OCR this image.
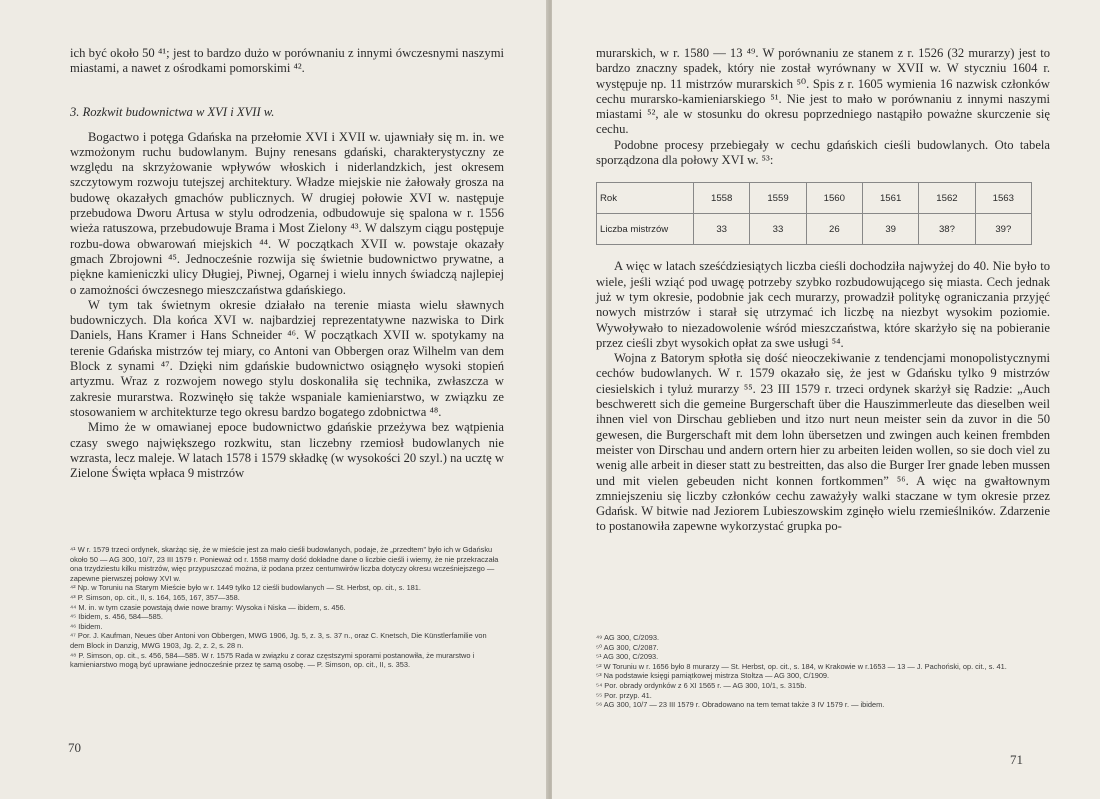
ich być około 50 ⁴¹; jest to bardzo dużo w porównaniu z innymi ówczesnymi naszymi miastami, a nawet z ośrodkami pomorskimi ⁴².

3. Rozkwit budownictwa w XVI i XVII w.

Bogactwo i potęga Gdańska na przełomie XVI i XVII w. ujawniały się m. in. we wzmożonym ruchu budowlanym. Bujny renesans gdański, charakterystyczny ze względu na skrzyżowanie wpływów włoskich i niderlandzkich, jest okresem szczytowym rozwoju tutejszej architektury. Władze miejskie nie żałowały grosza na budowę okazałych gmachów publicznych. W drugiej połowie XVI w. następuje przebudowa Dworu Artusa w stylu odrodzenia, odbudowuje się spalona w r. 1556 wieża ratuszowa, przebudowuje Brama i Most Zielony ⁴³. W dalszym ciągu postępuje rozbu-dowa obwarowań miejskich ⁴⁴. W początkach XVII w. powstaje okazały gmach Zbrojowni ⁴⁵. Jednocześnie rozwija się świetnie budownictwo prywatne, a piękne kamieniczki ulicy Długiej, Piwnej, Ogarnej i wielu innych świadczą najlepiej o zamożności ówczesnego mieszczaństwa gdańskiego.

W tym tak świetnym okresie działało na terenie miasta wielu sławnych budowniczych. Dla końca XVI w. najbardziej reprezentatywne nazwiska to Dirk Daniels, Hans Kramer i Hans Schneider ⁴⁶. W początkach XVII w. spotykamy na terenie Gdańska mistrzów tej miary, co Antoni van Obbergen oraz Wilhelm van dem Block z synami ⁴⁷. Dzięki nim gdańskie budownictwo osiągnęło wysoki stopień artyzmu. Wraz z rozwojem nowego stylu doskonaliła się technika, zwłaszcza w zakresie murarstwa. Rozwinęło się także wspaniale kamieniarstwo, w związku ze stosowaniem w architekturze tego okresu bardzo bogatego zdobnictwa ⁴⁸.

Mimo że w omawianej epoce budownictwo gdańskie przeżywa bez wątpienia czasy swego największego rozkwitu, stan liczebny rzemiosł budowlanych nie wzrasta, lecz maleje. W latach 1578 i 1579 składkę (w wysokości 20 szyl.) na ucztę w Zielone Święta wpłaca 9 mistrzów

⁴¹ W r. 1579 trzeci ordynek, skarżąc się, że w mieście jest za mało cieśli budowlanych, podaje, że „przedtem” było ich w Gdańsku około 50 — AG 300, 10/7, 23 III 1579 r. Ponieważ od r. 1558 mamy dość dokładne dane o liczbie cieśli i wiemy, że nie przekraczała ona trzydziestu kilku mistrzów, więc przypuszczać można, iż podana przez centumwirów liczba dotyczy okresu wcześniejszego — zapewne pierwszej połowy XVI w.
⁴² Np. w Toruniu na Starym Mieście było w r. 1449 tylko 12 cieśli budowlanych — St. Herbst, op. cit., s. 181.
⁴³ P. Simson, op. cit., II, s. 164, 165, 167, 357—358.
⁴⁴ M. in. w tym czasie powstają dwie nowe bramy: Wysoka i Niska — ibidem, s. 456.
⁴⁵ Ibidem, s. 456, 584—585.
⁴⁶ Ibidem.
⁴⁷ Por. J. Kaufman, Neues über Antoni von Obbergen, MWG 1906, Jg. 5, z. 3, s. 37 n., oraz C. Knetsch, Die Künstlerfamilie von dem Block in Danzig, MWG 1903, Jg. 2, z. 2, s. 28 n.
⁴⁸ P. Simson, op. cit., s. 456, 584—585. W r. 1575 Rada w związku z coraz częstszymi sporami postanowiła, że murarstwo i kamieniarstwo mogą być uprawiane jednocześnie przez tę samą osobę. — P. Simson, op. cit., II, s. 353.
70

murarskich, w r. 1580 — 13 ⁴⁹. W porównaniu ze stanem z r. 1526 (32 murarzy) jest to bardzo znaczny spadek, który nie został wyrównany w XVII w. W styczniu 1604 r. występuje np. 11 mistrzów murarskich ⁵⁰. Spis z r. 1605 wymienia 16 nazwisk członków cechu murarsko-kamieniarskiego ⁵¹. Nie jest to mało w porównaniu z innymi naszymi miastami ⁵², ale w stosunku do okresu poprzedniego nastąpiło poważne skurczenie się cechu.

Podobne procesy przebiegały w cechu gdańskich cieśli budowlanych. Oto tabela sporządzona dla połowy XVI w. ⁵³:

Rok	1558	1559	1560	1561	1562	1563
Liczba mistrzów	33	33	26	39	38?	39?

A więc w latach sześćdziesiątych liczba cieśli dochodziła najwyżej do 40. Nie było to wiele, jeśli wziąć pod uwagę potrzeby szybko rozbudowującego się miasta. Cech jednak już w tym okresie, podobnie jak cech murarzy, prowadził politykę ograniczania przyjęć nowych mistrzów i starał się utrzymać ich liczbę na niezbyt wysokim poziomie. Wywoływało to niezadowolenie wśród mieszczaństwa, które skarżyło się na pobieranie przez cieśli zbyt wysokich opłat za swe usługi ⁵⁴.

Wojna z Batorym spłotła się dość nieoczekiwanie z tendencjami monopolistycznymi cechów budowlanych. W r. 1579 okazało się, że jest w Gdańsku tylko 9 mistrzów ciesielskich i tyluż murarzy ⁵⁵. 23 III 1579 r. trzeci ordynek skarżył się Radzie: „Auch beschwerett sich die gemeine Burgerschaft über die Hauszimmerleute das dieselben weil ihnen viel von Dirschau geblieben und itzo nurt neun meister sein da zuvor in die 50 gewesen, die Burgerschaft mit dem lohn übersetzen und zwingen auch keinen frembden meister von Dirschau und andern ortern hier zu arbeiten leiden wollen, so sie doch viel zu wenig alle arbeit in dieser statt zu bestreitten, das also die Burger Irer gnade leben mussen und mit vielen gebeuden nicht konnen fortkommen” ⁵⁶. A więc na gwałtownym zmniejszeniu się liczby członków cechu zaważyły walki staczane w tym okresie przez Gdańsk. W bitwie nad Jeziorem Lubieszowskim zginęło wielu rzemieślników. Zdarzenie to postanowiła zapewne wykorzystać grupka po-

⁴⁹ AG 300, C/2093.
⁵⁰ AG 300, C/2087.
⁵¹ AG 300, C/2093.
⁵² W Toruniu w r. 1656 było 8 murarzy — St. Herbst, op. cit., s. 184, w Krakowie w r.1653 — 13 — J. Pachoński, op. cit., s. 41.
⁵³ Na podstawie księgi pamiątkowej mistrza Stoltza — AG 300, C/1909.
⁵⁴ Por. obrady ordynków z 6 XI 1565 r. — AG 300, 10/1, s. 315b.
⁵⁵ Por. przyp. 41.
⁵⁶ AG 300, 10/7 — 23 III 1579 r. Obradowano na tem temat także 3 IV 1579 r. — ibidem.
71
